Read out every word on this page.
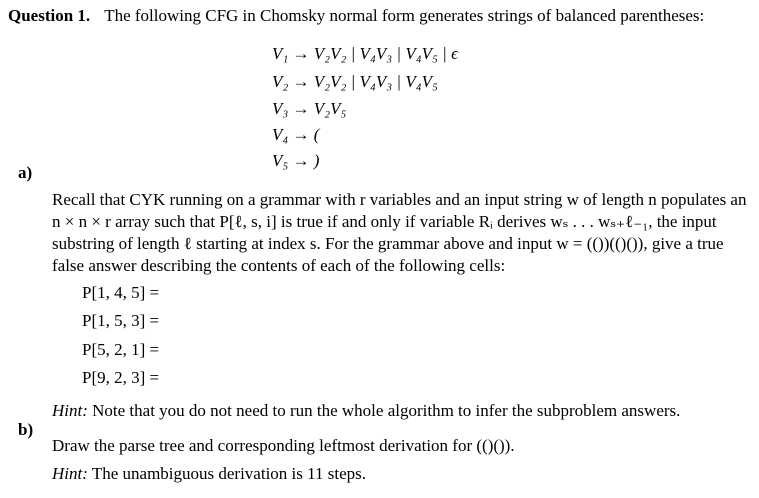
Question 1. The following CFG in Chomsky normal form generates strings of balanced parentheses:
V₁ → V₂V₂ | V₄V₃ | V₄V₅ | ϵ
V₂ → V₂V₂ | V₄V₃ | V₄V₅
V₃ → V₂V₅
V₄ → (
V₅ → )
a)
Recall that CYK running on a grammar with r variables and an input string w of length n populates an
n × n × r array such that P[ℓ, s, i] is true if and only if variable Rᵢ derives wₛ . . . wₛ₊ℓ₋₁, the input
substring of length ℓ starting at index s. For the grammar above and input w = (())(()()), give a true
false answer describing the contents of each of the following cells:
P[1, 4, 5] =
P[1, 5, 3] =
P[5, 2, 1] =
P[9, 2, 3] =
Hint: Note that you do not need to run the whole algorithm to infer the subproblem answers.
b)
Draw the parse tree and corresponding leftmost derivation for (()()).
Hint: The unambiguous derivation is 11 steps.
